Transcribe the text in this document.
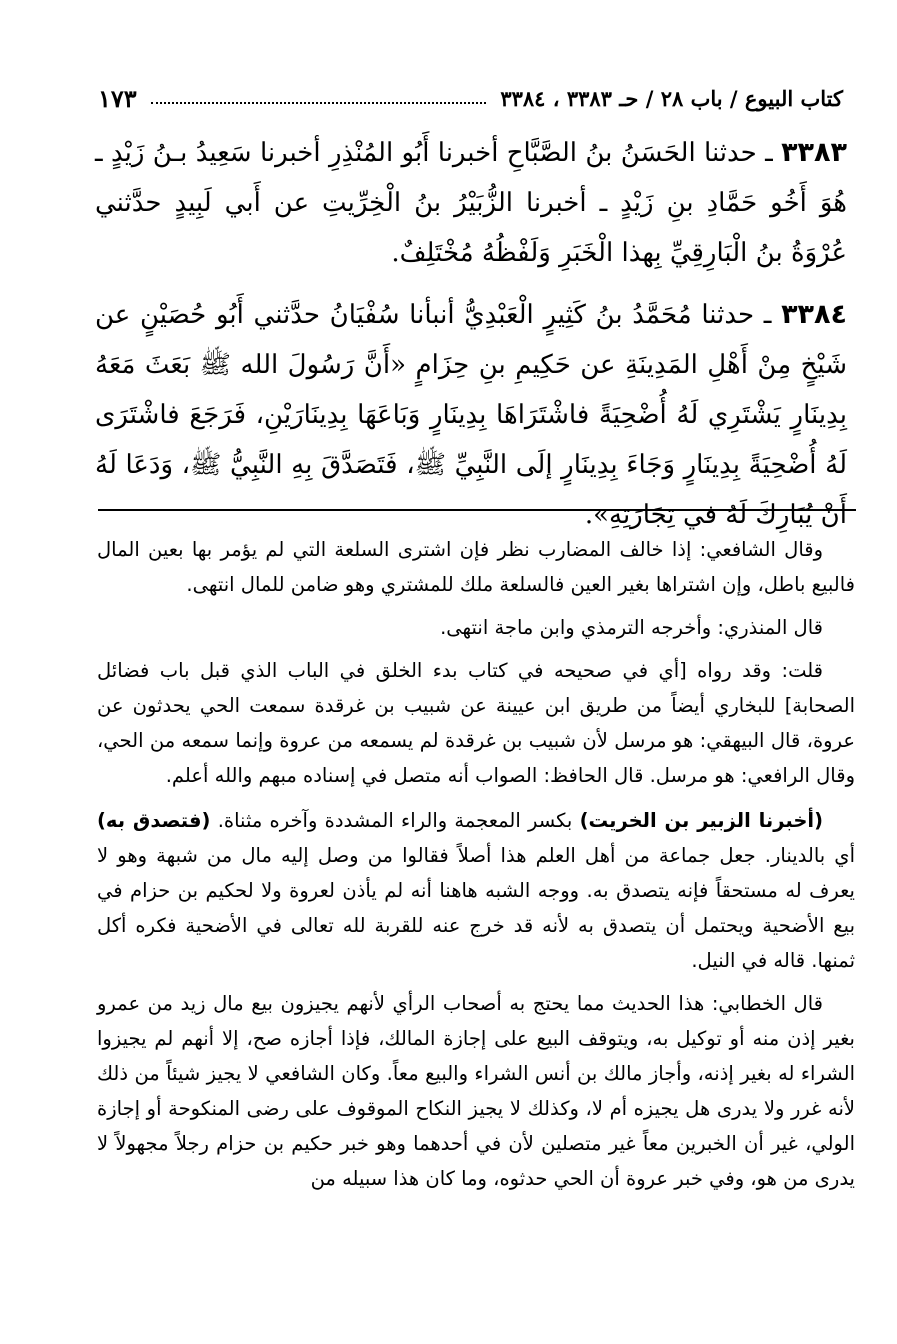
كتاب البيوع / باب ٢٨ / حـ ٣٣٨٣ ، ٣٣٨٤
١٧٣
٣٣٨٣ ـ حدثنا الحَسَنُ بنُ الصَّبَّاحِ أخبرنا أَبُو المُنْذِرِ أخبرنا سَعِيدُ بـنُ زَيْدٍ ـ هُوَ أَخُو حَمَّادِ بنِ زَيْدٍ ـ أخبرنا الزُّبَيْرُ بنُ الْخِرِّيتِ عن أَبي لَبِيدٍ حدَّثني عُرْوَةُ بنُ الْبَارِقِيِّ بِهذا الْخَبَرِ وَلَفْظُهُ مُخْتَلِفٌ.
٣٣٨٤ ـ حدثنا مُحَمَّدُ بنُ كَثِيرٍ الْعَبْدِيُّ أنبأنا سُفْيَانُ حدَّثني أَبُو حُصَيْنٍ عن شَيْخٍ مِنْ أَهْلِ المَدِينَةِ عن حَكِيمِ بنِ حِزَامٍ «أَنَّ رَسُولَ الله ﷺ بَعَثَ مَعَهُ بِدِينَارٍ يَشْتَرِي لَهُ أُضْحِيَةً فاشْتَرَاهَا بِدِينَارٍ وَبَاعَهَا بِدِينَارَيْنِ، فَرَجَعَ فاشْتَرَى لَهُ أُضْحِيَةً بِدِينَارٍ وَجَاءَ بِدِينَارٍ إلَى النَّبِيِّ ﷺ، فَتَصَدَّقَ بِهِ النَّبِيُّ ﷺ، وَدَعَا لَهُ أَنْ يُبَارِكَ لَهُ في تِجَارَتِهِ».

وقال الشافعي: إذا خالف المضارب نظر فإن اشترى السلعة التي لم يؤمر بها بعين المال فالبيع باطل، وإن اشتراها بغير العين فالسلعة ملك للمشتري وهو ضامن للمال انتهى.

قال المنذري: وأخرجه الترمذي وابن ماجة انتهى.

قلت: وقد رواه [أي في صحيحه في كتاب بدء الخلق في الباب الذي قبل باب فضائل الصحابة] للبخاري أيضاً من طريق ابن عيينة عن شبيب بن غرقدة سمعت الحي يحدثون عن عروة، قال البيهقي: هو مرسل لأن شبيب بن غرقدة لم يسمعه من عروة وإنما سمعه من الحي، وقال الرافعي: هو مرسل. قال الحافظ: الصواب أنه متصل في إسناده مبهم والله أعلم.

(أخبرنا الزبير بن الخريت) بكسر المعجمة والراء المشددة وآخره مثناة. (فتصدق به) أي بالدينار. جعل جماعة من أهل العلم هذا أصلاً فقالوا من وصل إليه مال من شبهة وهو لا يعرف له مستحقاً فإنه يتصدق به. ووجه الشبه هاهنا أنه لم يأذن لعروة ولا لحكيم بن حزام في بيع الأضحية ويحتمل أن يتصدق به لأنه قد خرج عنه للقربة لله تعالى في الأضحية فكره أكل ثمنها. قاله في النيل.

قال الخطابي: هذا الحديث مما يحتج به أصحاب الرأي لأنهم يجيزون بيع مال زيد من عمرو بغير إذن منه أو توكيل به، ويتوقف البيع على إجازة المالك، فإذا أجازه صح، إلا أنهم لم يجيزوا الشراء له بغير إذنه، وأجاز مالك بن أنس الشراء والبيع معاً. وكان الشافعي لا يجيز شيئاً من ذلك لأنه غرر ولا يدرى هل يجيزه أم لا، وكذلك لا يجيز النكاح الموقوف على رضى المنكوحة أو إجازة الولي، غير أن الخبرين معاً غير متصلين لأن في أحدهما وهو خبر حكيم بن حزام رجلاً مجهولاً لا يدرى من هو، وفي خبر عروة أن الحي حدثوه، وما كان هذا سبيله من
